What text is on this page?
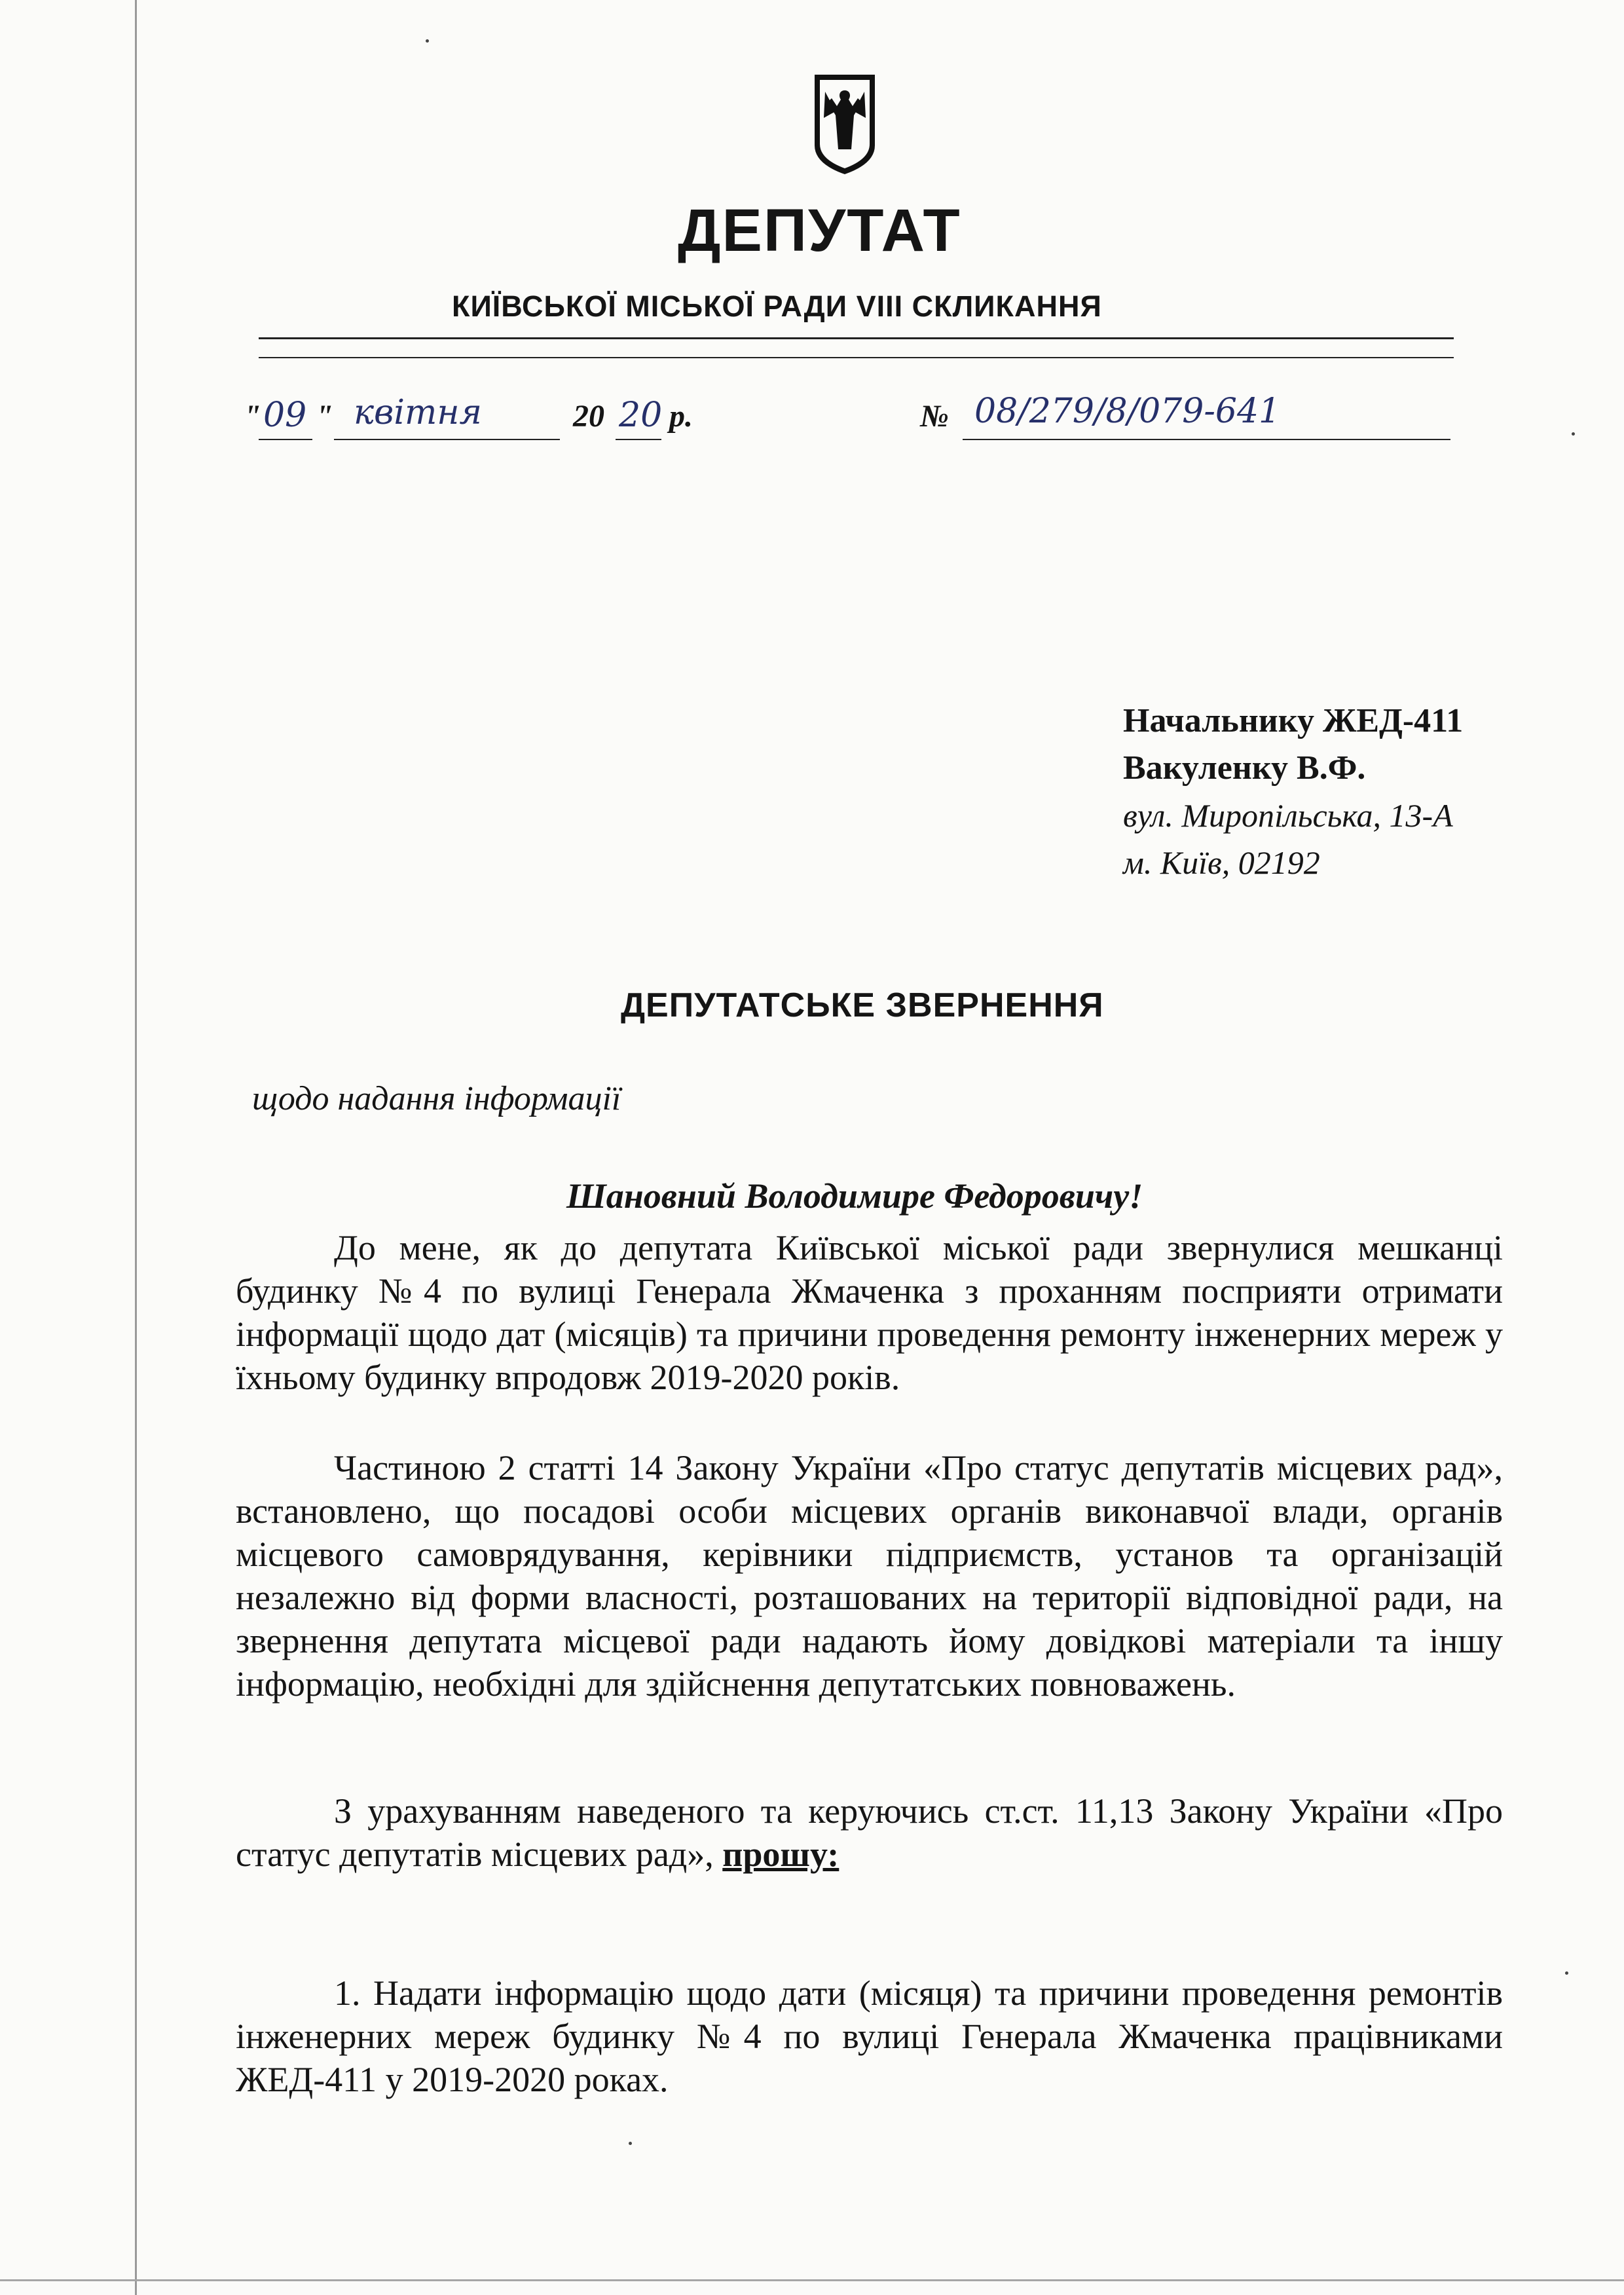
ДЕПУТАТ
КИЇВСЬКОЇ МІСЬКОЇ РАДИ VIII СКЛИКАННЯ
" 09 " квітня	20 20 р.	№ 08/279/8/079-641
Начальнику ЖЕД-411
Вакуленку В.Ф.
вул. Миропільська, 13-А
м. Київ, 02192
ДЕПУТАТСЬКЕ ЗВЕРНЕННЯ
щодо надання інформації
Шановний Володимире Федоровичу!

До мене, як до депутата Київської міської ради звернулися мешканці будинку №4 по вулиці Генерала Жмаченка з проханням посприяти отримати інформації щодо дат (місяців) та причини проведення ремонту інженерних мереж у їхньому будинку впродовж 2019-2020 років.

Частиною 2 статті 14 Закону України «Про статус депутатів місцевих рад», встановлено, що посадові особи місцевих органів виконавчої влади, органів місцевого самоврядування, керівники підприємств, установ та організацій незалежно від форми власності, розташованих на території відповідної ради, на звернення депутата місцевої ради надають йому довідкові матеріали та іншу інформацію, необхідні для здійснення депутатських повноважень.

З урахуванням наведеного та керуючись ст.ст. 11,13 Закону України «Про статус депутатів місцевих рад», прошу:

1. Надати інформацію щодо дати (місяця) та причини проведення ремонтів інженерних мереж будинку №4 по вулиці Генерала Жмаченка працівниками ЖЕД-411 у 2019-2020 роках.
